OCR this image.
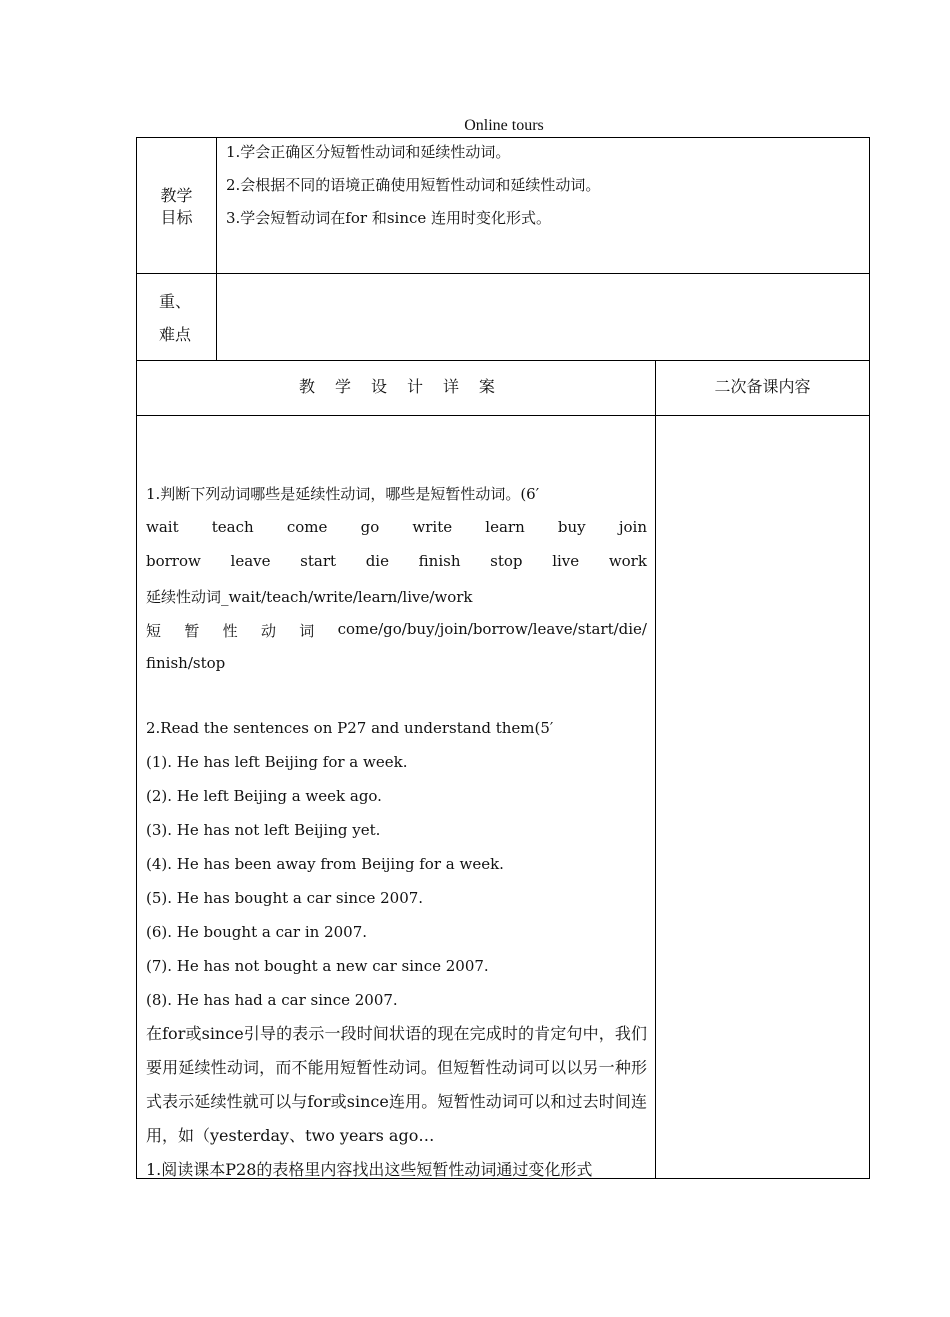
Online tours
教学
目标
1.学会正确区分短暂性动词和延续性动词。
2.会根据不同的语境正确使用短暂性动词和延续性动词。
3.学会短暂动词在for 和since 连用时变化形式。
重、
难点
教 学 设 计 详 案	二次备课内容
1.判断下列动词哪些是延续性动词，哪些是短暂性动词。(6′
wait teach come go write learn buy join
borrow leave start die finish stop live work
延续性动词_wait/teach/write/learn/live/work
短 暂 性 动 词 come/go/buy/join/borrow/leave/start/die/
finish/stop
2.Read the sentences on P27 and understand them(5′
(1). He has left Beijing for a week.
(2). He left Beijing a week ago.
(3). He has not left Beijing yet.
(4). He has been away from Beijing for a week.
(5). He has bought a car since 2007.
(6). He bought a car in 2007.
(7). He has not bought a new car since 2007.
(8). He has had a car since 2007.
在for或since引导的表示一段时间状语的现在完成时的肯定句中，我们要用延续性动词，而不能用短暂性动词。但短暂性动词可以以另一种形式表示延续性就可以与for或since连用。短暂性动词可以和过去时间连用，如（yesterday、two years ago…
1.阅读课本P28的表格里内容找出这些短暂性动词通过变化形式
